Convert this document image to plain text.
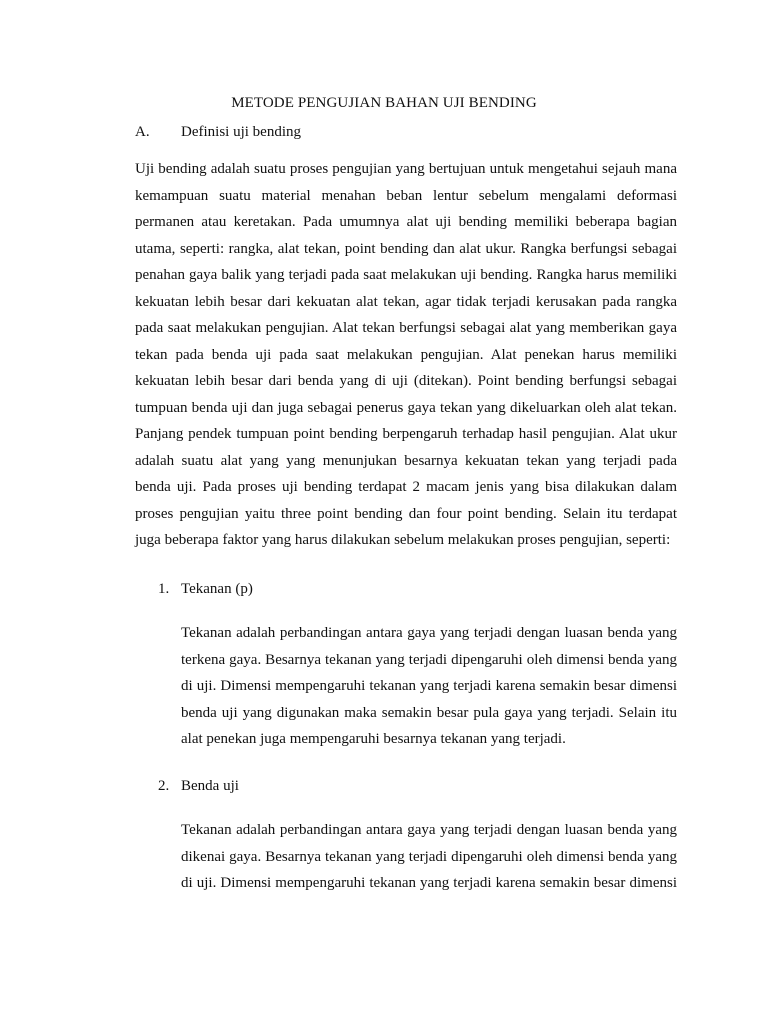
METODE PENGUJIAN BAHAN UJI BENDING
A. Definisi uji bending
Uji bending adalah suatu proses pengujian yang bertujuan untuk mengetahui sejauh mana
kemampuan suatu material menahan beban lentur sebelum mengalami deformasi
permanen atau keretakan. Pada umumnya alat uji bending memiliki beberapa bagian
utama, seperti: rangka, alat tekan, point bending dan alat ukur. Rangka berfungsi sebagai
penahan gaya balik yang terjadi pada saat melakukan uji bending. Rangka harus memiliki
kekuatan lebih besar dari kekuatan alat tekan, agar tidak terjadi kerusakan pada rangka
pada saat melakukan pengujian. Alat tekan berfungsi sebagai alat yang memberikan gaya
tekan pada benda uji pada saat melakukan pengujian. Alat penekan harus memiliki
kekuatan lebih besar dari benda yang di uji (ditekan). Point bending berfungsi sebagai
tumpuan benda uji dan juga sebagai penerus gaya tekan yang dikeluarkan oleh alat tekan.
Panjang pendek tumpuan point bending berpengaruh terhadap hasil pengujian. Alat ukur
adalah suatu alat yang yang menunjukan besarnya kekuatan tekan yang terjadi pada
benda uji. Pada proses uji bending terdapat 2 macam jenis yang bisa dilakukan dalam
proses pengujian yaitu three point bending dan four point bending. Selain itu terdapat
juga beberapa faktor yang harus dilakukan sebelum melakukan proses pengujian, seperti:
1. Tekanan (p)
Tekanan adalah perbandingan antara gaya yang terjadi dengan luasan benda yang
terkena gaya. Besarnya tekanan yang terjadi dipengaruhi oleh dimensi benda yang
di uji. Dimensi mempengaruhi tekanan yang terjadi karena semakin besar dimensi
benda uji yang digunakan maka semakin besar pula gaya yang terjadi. Selain itu
alat penekan juga mempengaruhi besarnya tekanan yang terjadi.
2. Benda uji
Tekanan adalah perbandingan antara gaya yang terjadi dengan luasan benda yang
dikenai gaya. Besarnya tekanan yang terjadi dipengaruhi oleh dimensi benda yang
di uji. Dimensi mempengaruhi tekanan yang terjadi karena semakin besar dimensi
